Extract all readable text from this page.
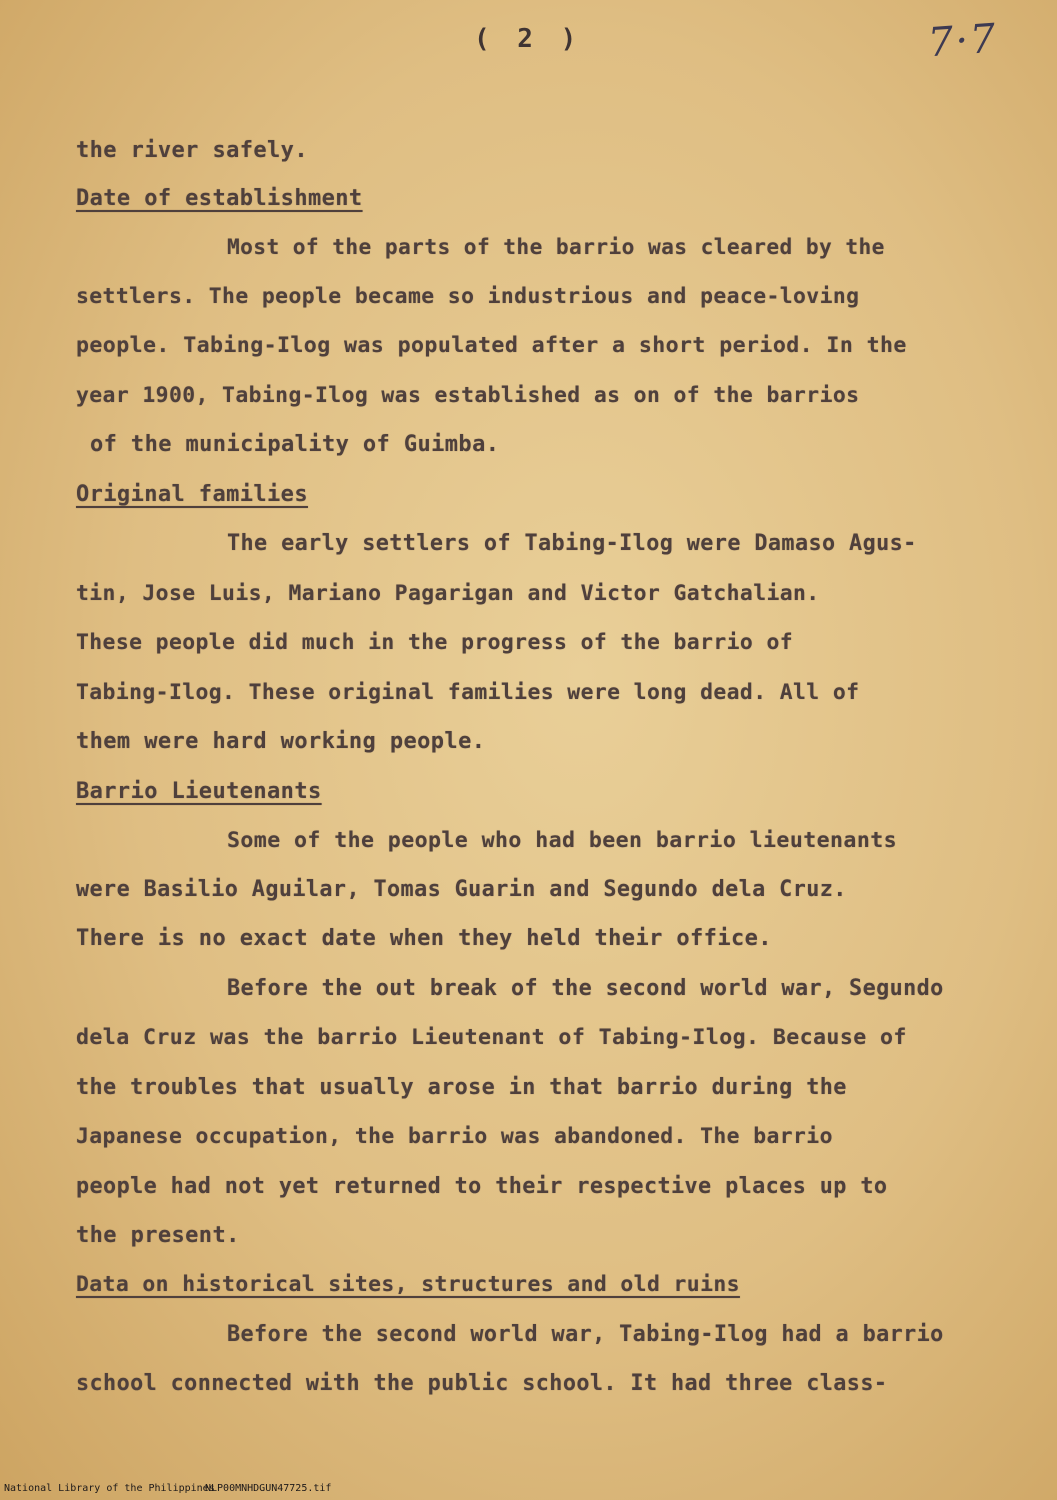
( 2 )	7·7
the river safely.
Date of establishment
Most of the parts of the barrio was cleared by the
settlers. The people became so industrious and peace-loving
people. Tabing-Ilog was populated after a short period. In the
year 1900, Tabing-Ilog was established as on of the barrios
of the municipality of Guimba.
Original families
The early settlers of Tabing-Ilog were Damaso Agus-
tin, Jose Luis, Mariano Pagarigan and Victor Gatchalian.
These people did much in the progress of the barrio of
Tabing-Ilog. These original families were long dead. All of
them were hard working people.
Barrio Lieutenants
Some of the people who had been barrio lieutenants
were Basilio Aguilar, Tomas Guarin and Segundo dela Cruz.
There is no exact date when they held their office.
Before the out break of the second world war, Segundo
dela Cruz was the barrio Lieutenant of Tabing-Ilog. Because of
the troubles that usually arose in that barrio during the
Japanese occupation, the barrio was abandoned. The barrio
people had not yet returned to their respective places up to
the present.
Data on historical sites, structures and old ruins
Before the second world war, Tabing-Ilog had a barrio
school connected with the public school. It had three class-
National Library of the Philippines
NLP00MNHDGUN47725.tif
